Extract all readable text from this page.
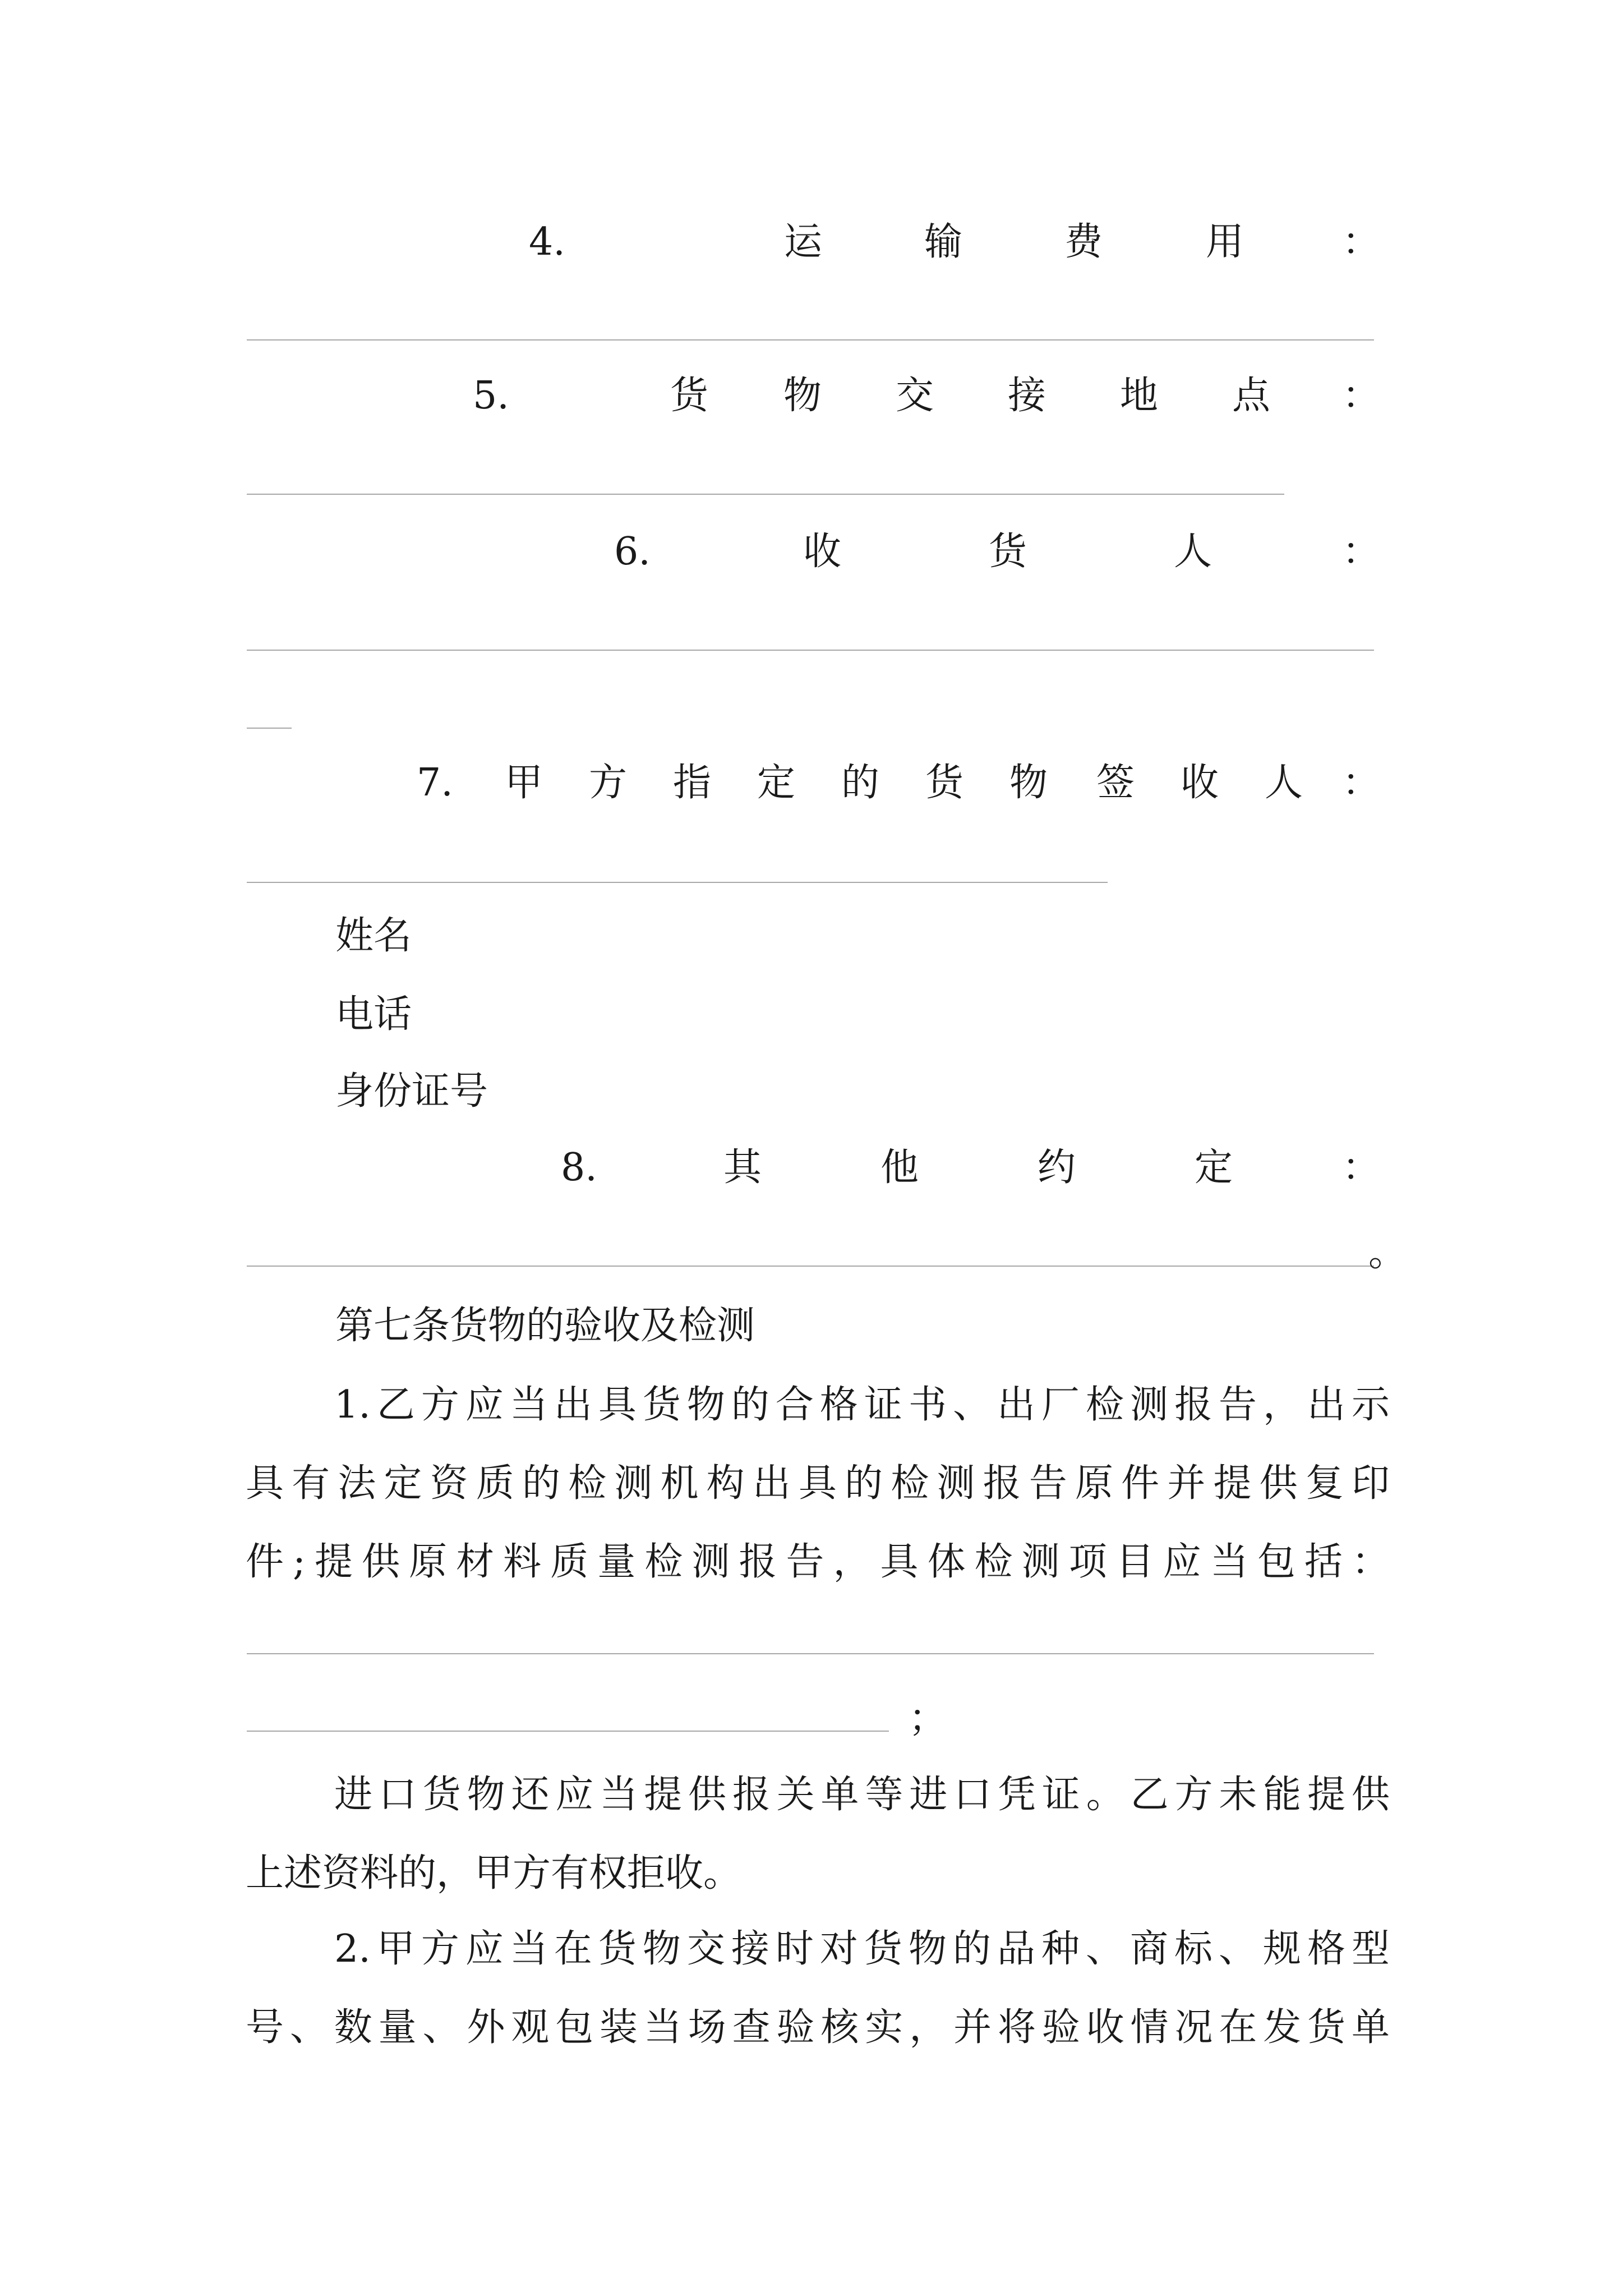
4.	运	输	费	用	：
5.	货 物 交 接 地 点 ：
6.	收	货	人	：
7. 甲 方 指 定 的 货 物 签 收 人 ：
姓名
电话
身份证号
8.	其	他	约	定	：
。
第七条货物的验收及检测

1.乙方应当出具货物的合格证书、出厂检测报告，出示

具有法定资质的检测机构出具的检测报告原件并提供复印

件;提供原材料质量检测报告，具体检测项目应当包括：

；

进口货物还应当提供报关单等进口凭证。乙方未能提供

上述资料的，甲方有权拒收。

2.甲方应当在货物交接时对货物的品种、商标、规格型

号、数量、外观包装当场查验核实，并将验收情况在发货单
